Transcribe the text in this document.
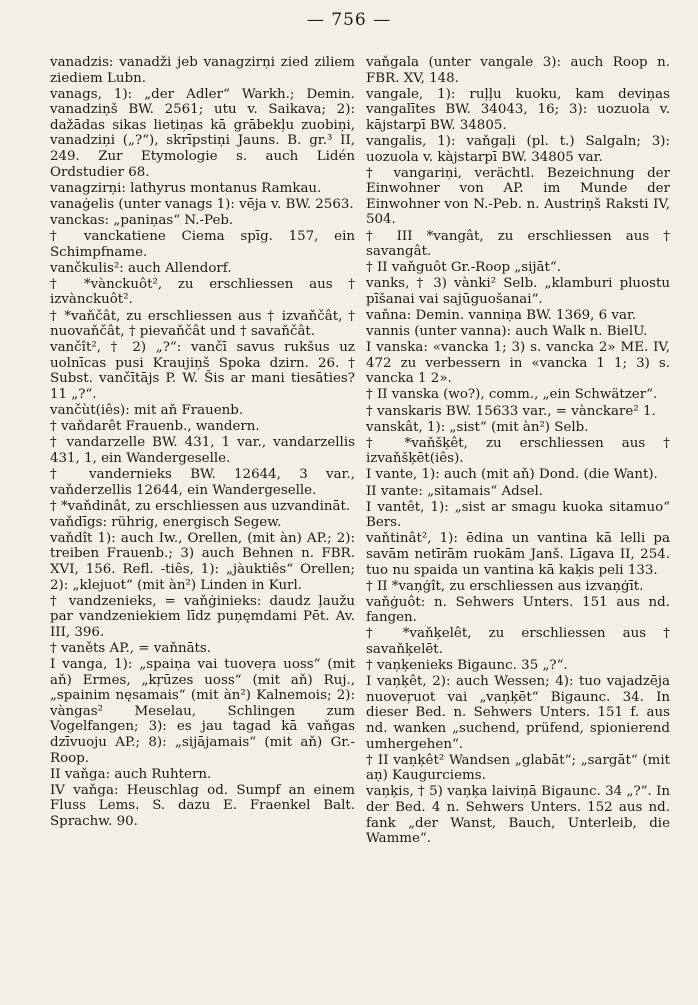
— 756 —

vanadzis: vanadži jeb vanagzirņi zied ziliem ziediem Lubn.

vanags, 1): „der Adler“ Warkh.; Demin. vanadziņš BW. 2561; utu v. Saikava; 2): dažādas sikas lietiņas kā grābekļu zuobiņi, vanadziņi („?“), skrīpstiņi Jauns. B. gr.³ II, 249. Zur Etymologie s. auch Lidén Ordstudier 68.

vanagzirņi: lathyrus montanus Ramkau.

vanaģelis (unter vanags 1): vēja v. BW. 2563.

vanckas: „paniņas“ N.-Peb.

† vanckatiene Ciema spīg. 157, ein Schimpfname.

vančkulis²: auch Allendorf.

† *vànckuôt², zu erschliessen aus † izvànckuôt².

† *vaňčât, zu erschliessen aus † izvaňčât, † nuovaňčât, † pievaňčât und † savaňčât.

vančît², † 2) „?“: vančī savus rukšus uz uolnīcas pusi Kraujiņš Spoka dzirn. 26. † Subst. vančītājs P. W. Šis ar mani tiesāties? 11 „?“.

vančùt(iês): mit aň Frauenb.

† vaňdarêt Frauenb., wandern.

† vandarzelle BW. 431, 1 var., vandarzellis 431, 1, ein Wandergeselle.

† vandernieks BW. 12644, 3 var., vaňderzellis 12644, ein Wandergeselle.

† *vaňdinât, zu erschliessen aus uzvandināt.

vaňdīgs: rührig, energisch Segew.

vaňdît 1): auch Iw., Orellen, (mit àn) AP.; 2): treiben Frauenb.; 3) auch Behnen n. FBR. XVI, 156. Refl. -tiês, 1): „jàuktiês“ Orellen; 2): „klejuot“ (mit àn²) Linden in Kurl.

† vandzenieks, = vaňģinieks: daudz ļaužu par vandzeniekiem līdz puņęmdami Pēt. Av. III, 396.

† vaněts AP., = vaňnāts.

I vanga, 1): „spaiņa vai tuoveŗa uoss“ (mit aň) Ermes, „kŗūzes uoss“ (mit aň) Ruj., „spainim nęsamais“ (mit àn²) Kalnemois; 2): vàngas² Meselau, Schlingen zum Vogelfangen; 3): es jau tagad kā vaňgas dzīvuoju AP.; 8): „sijājamais“ (mit aň) Gr.-Roop.

II vaňga: auch Ruhtern.

IV vaňga: Heuschlag od. Sumpf an einem Fluss Lems. S. dazu E. Fraenkel Balt. Sprachw. 90.

vaňgala (unter vangale 3): auch Roop n. FBR. XV, 148.

vangale, 1): ruļļu kuoku, kam deviņas vangalītes BW. 34043, 16; 3): uozuola v. kājstarpī BW. 34805.

vangalis, 1): vaňgaļi (pl. t.) Salgaln; 3): uozuola v. kàjstarpī BW. 34805 var.

† vangariņi, verächtl. Bezeichnung der Einwohner von AP. im Munde der Einwohner von N.-Peb. n. Austriņš Raksti IV, 504.

† III *vangât, zu erschliessen aus † savangât.

† II vaňguôt Gr.-Roop „sijāt“.

vanks, † 3) vànki² Selb. „klamburi pluostu pīšanai vai sajūguošanai“.

vaňna: Demin. vanniņa BW. 1369, 6 var.

vannis (unter vanna): auch Walk n. BielU.

I vanska: «vancka 1; 3) s. vancka 2» ME. IV, 472 zu verbessern in «vancka 1 1; 3) s. vancka 1 2».

† II vanska (wo?), comm., „ein Schwätzer“.

† vanskaris BW. 15633 var., = vànckare² 1.

vanskât, 1): „sist“ (mit àn²) Selb.

† *vaňšķêt, zu erschliessen aus † izvaňšķēt(iês).

I vante, 1): auch (mit aň) Dond. (die Want).

II vante: „sitamais“ Adsel.

I vantêt, 1): „sist ar smagu kuoka sitamuo“ Bers.

vaňtinât², 1): ēdina un vantina kā lelli pa savām netīrām ruokām Janš. Līgava II, 254. tuo nu spaida un vantina kā kaķis peli 133.

† II *vaņģît, zu erschliessen aus izvaņģīt.

vaňģuôt: n. Sehwers Unters. 151 aus nd. fangen.

† *vaňķelêt, zu erschliessen aus † savaňķelēt.

† vaņķenieks Bigaunc. 35 „?“.

I vaņķêt, 2): auch Wessen; 4): tuo vajadzēja nuoveŗuot vai „vaņķēt“ Bigaunc. 34. In dieser Bed. n. Sehwers Unters. 151 f. aus nd. wanken „suchend, prüfend, spionierend umhergehen“.

† II vaņķêt² Wandsen „glabāt“; „sargāt“ (mit aņ) Kaugurciems.

vaņķis, † 5) vaņķa laiviņā Bigaunc. 34 „?“. In der Bed. 4 n. Sehwers Unters. 152 aus nd. fank „der Wanst, Bauch, Unterleib, die Wamme“.
